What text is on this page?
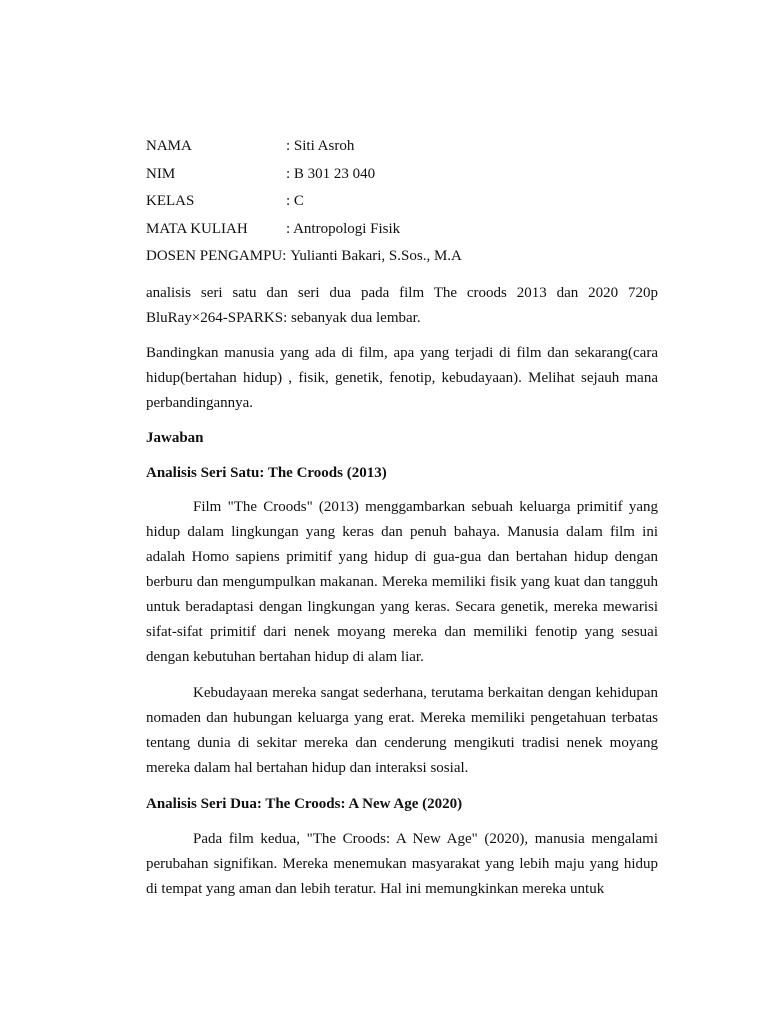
NAMA	: Siti Asroh
NIM	: B 301 23 040
KELAS	: C
MATA KULIAH	: Antropologi Fisik
DOSEN PENGAMPU: Yulianti Bakari, S.Sos., M.A
analisis seri satu dan seri dua pada film The croods 2013 dan 2020 720p BluRay×264-SPARKS: sebanyak dua lembar.
Bandingkan manusia yang ada di film, apa yang terjadi di film dan sekarang(cara hidup(bertahan hidup) , fisik, genetik, fenotip, kebudayaan). Melihat sejauh mana perbandingannya.
Jawaban
Analisis Seri Satu: The Croods (2013)
Film "The Croods" (2013) menggambarkan sebuah keluarga primitif yang hidup dalam lingkungan yang keras dan penuh bahaya. Manusia dalam film ini adalah Homo sapiens primitif yang hidup di gua-gua dan bertahan hidup dengan berburu dan mengumpulkan makanan. Mereka memiliki fisik yang kuat dan tangguh untuk beradaptasi dengan lingkungan yang keras. Secara genetik, mereka mewarisi sifat-sifat primitif dari nenek moyang mereka dan memiliki fenotip yang sesuai dengan kebutuhan bertahan hidup di alam liar.
Kebudayaan mereka sangat sederhana, terutama berkaitan dengan kehidupan nomaden dan hubungan keluarga yang erat. Mereka memiliki pengetahuan terbatas tentang dunia di sekitar mereka dan cenderung mengikuti tradisi nenek moyang mereka dalam hal bertahan hidup dan interaksi sosial.
Analisis Seri Dua: The Croods: A New Age (2020)
Pada film kedua, "The Croods: A New Age" (2020), manusia mengalami perubahan signifikan. Mereka menemukan masyarakat yang lebih maju yang hidup di tempat yang aman dan lebih teratur. Hal ini memungkinkan mereka untuk
